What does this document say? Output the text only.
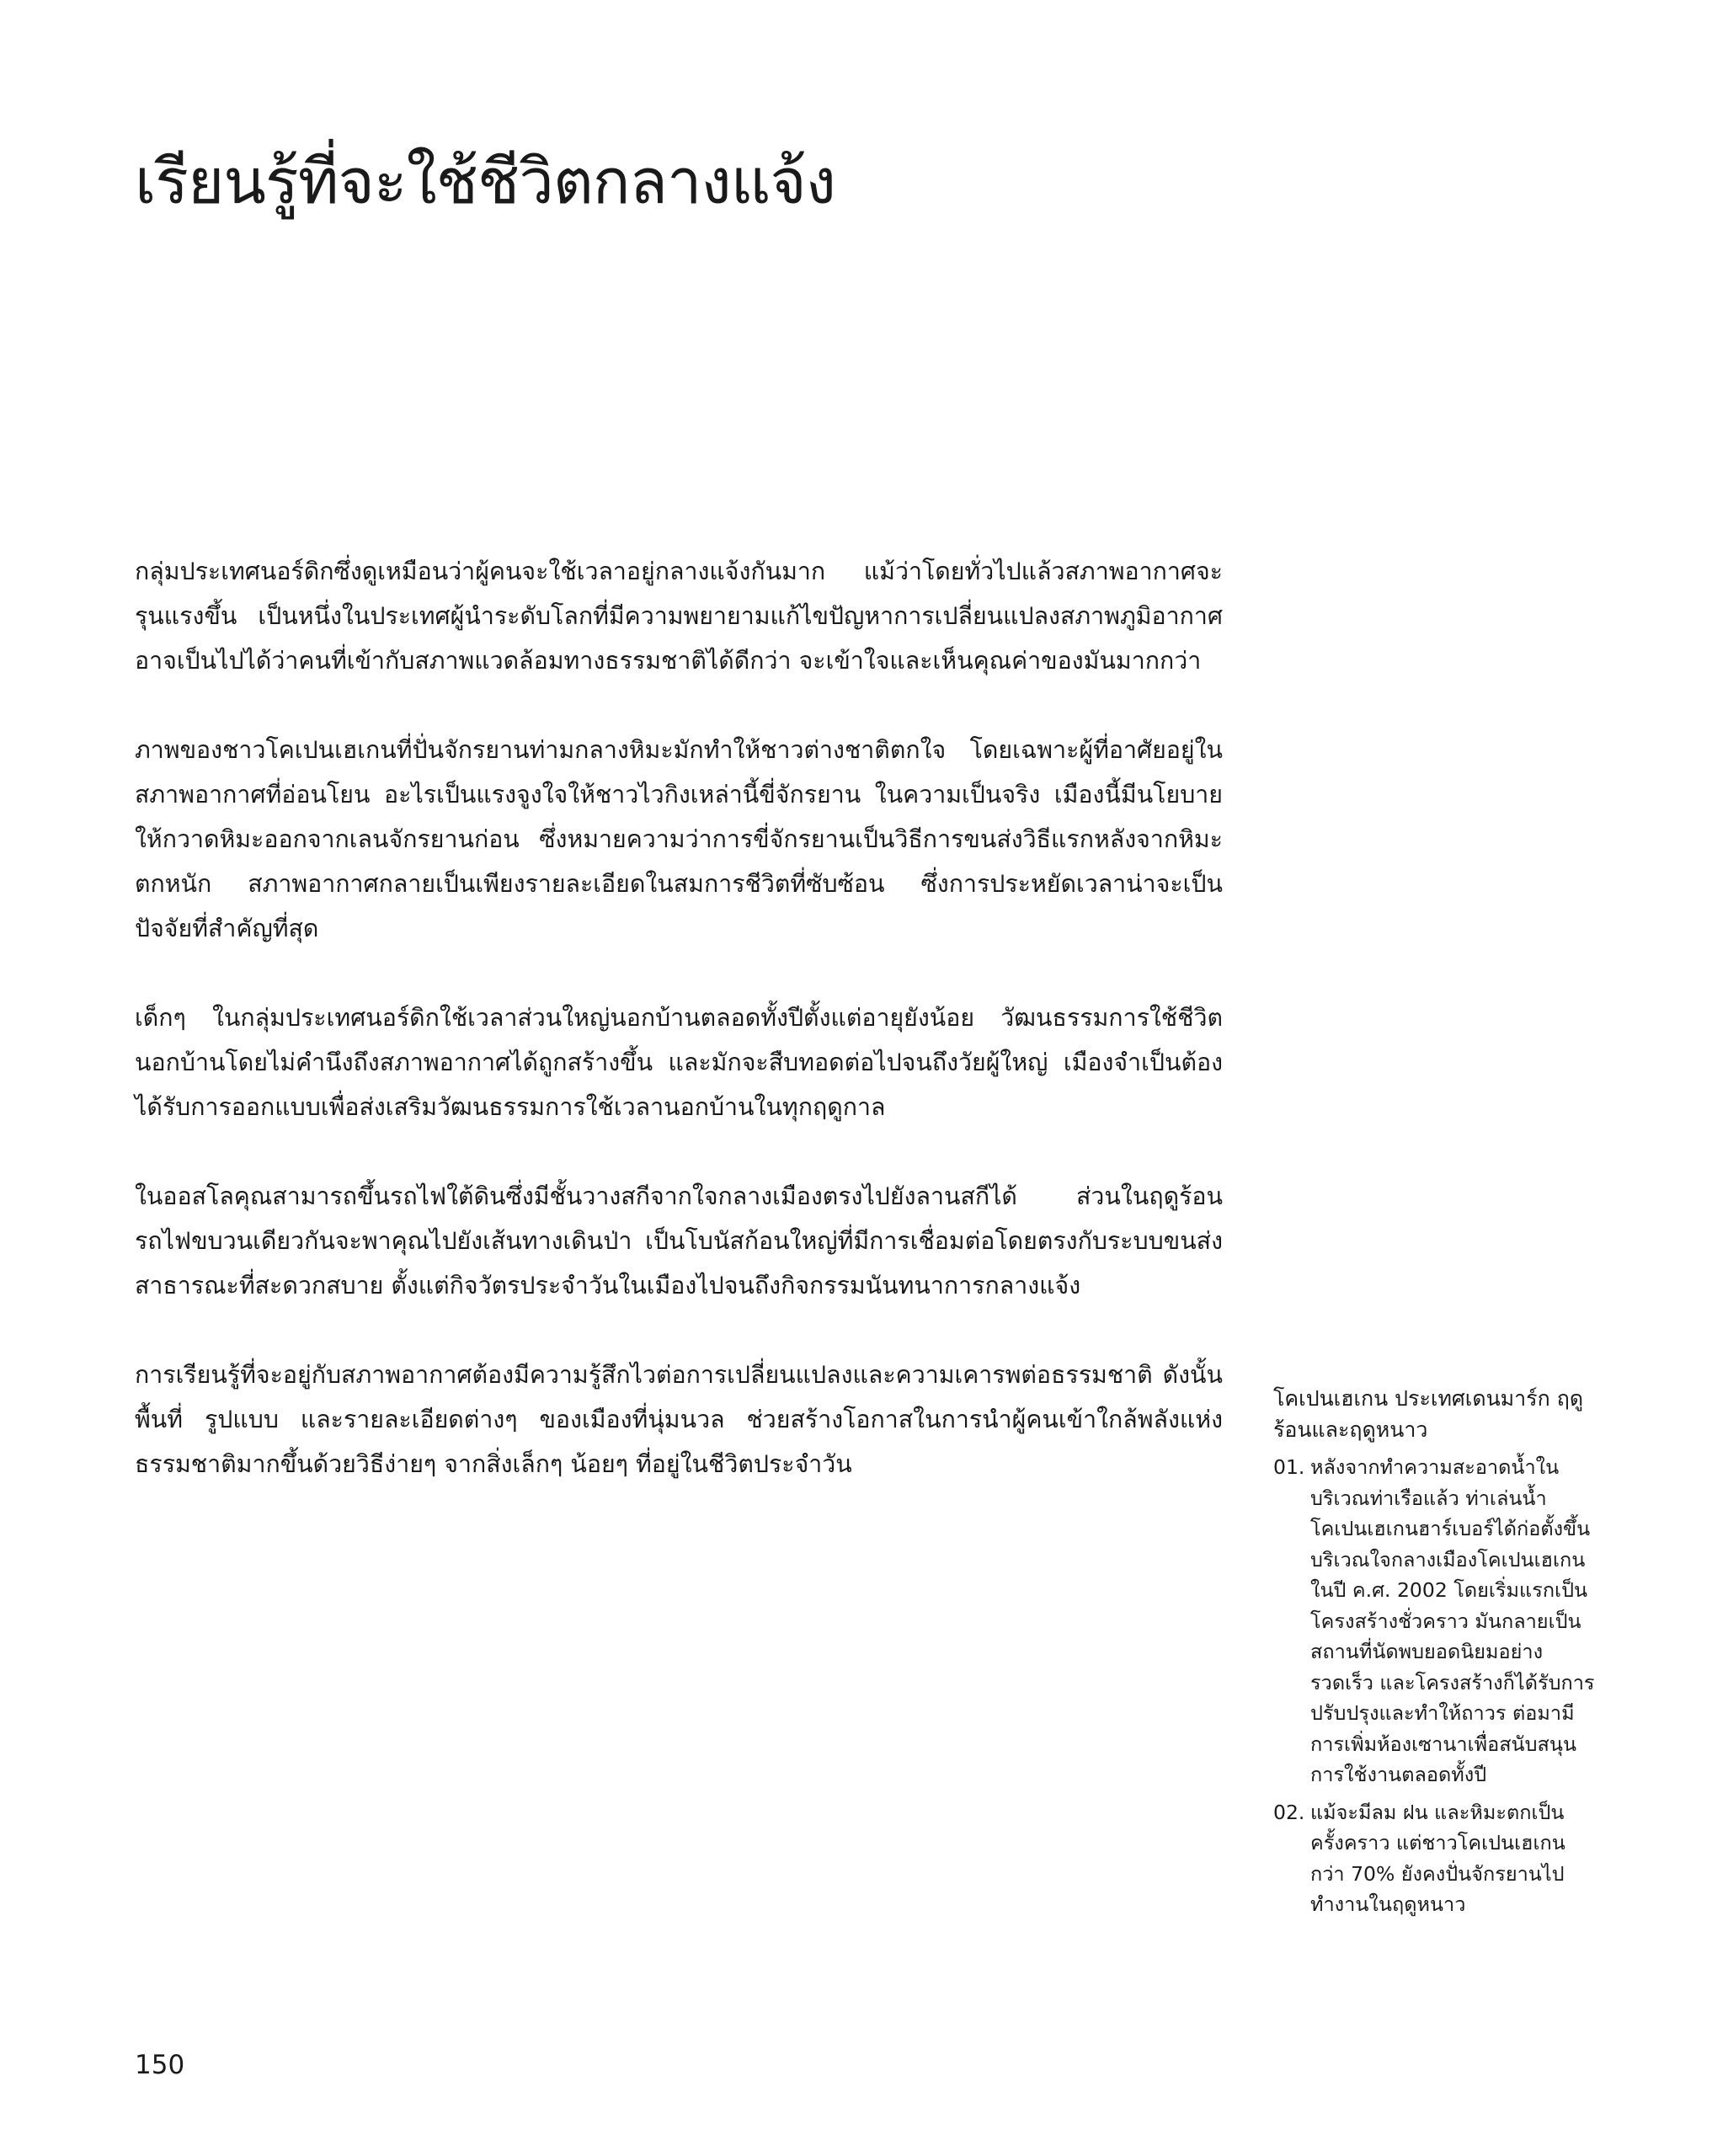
เรียนรู้ที่จะใช้ชีวิตกลางแจ้ง

กลุ่มประเทศนอร์ดิกซึ่งดูเหมือนว่าผู้คนจะใช้เวลาอยู่กลางแจ้งกันมาก แม้ว่าโดยทั่วไปแล้วสภาพอากาศจะรุนแรงขึ้น เป็นหนึ่งในประเทศผู้นำระดับโลกที่มีความพยายามแก้ไขปัญหาการเปลี่ยนแปลงสภาพภูมิอากาศ อาจเป็นไปได้ว่าคนที่เข้ากับสภาพแวดล้อมทางธรรมชาติได้ดีกว่า จะเข้าใจและเห็นคุณค่าของมันมากกว่า

ภาพของชาวโคเปนเฮเกนที่ปั่นจักรยานท่ามกลางหิมะมักทำให้ชาวต่างชาติตกใจ โดยเฉพาะผู้ที่อาศัยอยู่ในสภาพอากาศที่อ่อนโยน อะไรเป็นแรงจูงใจให้ชาวไวกิงเหล่านี้ขี่จักรยาน ในความเป็นจริง เมืองนี้มีนโยบายให้กวาดหิมะออกจากเลนจักรยานก่อน ซึ่งหมายความว่าการขี่จักรยานเป็นวิธีการขนส่งวิธีแรกหลังจากหิมะตกหนัก สภาพอากาศกลายเป็นเพียงรายละเอียดในสมการชีวิตที่ซับซ้อน ซึ่งการประหยัดเวลาน่าจะเป็นปัจจัยที่สำคัญที่สุด

เด็กๆ ในกลุ่มประเทศนอร์ดิกใช้เวลาส่วนใหญ่นอกบ้านตลอดทั้งปีตั้งแต่อายุยังน้อย วัฒนธรรมการใช้ชีวิตนอกบ้านโดยไม่คำนึงถึงสภาพอากาศได้ถูกสร้างขึ้น และมักจะสืบทอดต่อไปจนถึงวัยผู้ใหญ่ เมืองจำเป็นต้องได้รับการออกแบบเพื่อส่งเสริมวัฒนธรรมการใช้เวลานอกบ้านในทุกฤดูกาล

ในออสโลคุณสามารถขึ้นรถไฟใต้ดินซึ่งมีชั้นวางสกีจากใจกลางเมืองตรงไปยังลานสกีได้ ส่วนในฤดูร้อน รถไฟขบวนเดียวกันจะพาคุณไปยังเส้นทางเดินป่า เป็นโบนัสก้อนใหญ่ที่มีการเชื่อมต่อโดยตรงกับระบบขนส่งสาธารณะที่สะดวกสบาย ตั้งแต่กิจวัตรประจำวันในเมืองไปจนถึงกิจกรรมนันทนาการกลางแจ้ง

การเรียนรู้ที่จะอยู่กับสภาพอากาศต้องมีความรู้สึกไวต่อการเปลี่ยนแปลงและความเคารพต่อธรรมชาติ ดังนั้น พื้นที่ รูปแบบ และรายละเอียดต่างๆ ของเมืองที่นุ่มนวล ช่วยสร้างโอกาสในการนำผู้คนเข้าใกล้พลังแห่งธรรมชาติมากขึ้นด้วยวิธีง่ายๆ จากสิ่งเล็กๆ น้อยๆ ที่อยู่ในชีวิตประจำวัน

โคเปนเฮเกน ประเทศเดนมาร์ก ฤดูร้อนและฤดูหนาว
01. หลังจากทำความสะอาดน้ำในบริเวณท่าเรือแล้ว ท่าเล่นน้ำโคเปนเฮเกนฮาร์เบอร์ได้ก่อตั้งขึ้นบริเวณใจกลางเมืองโคเปนเฮเกนในปี ค.ศ. 2002 โดยเริ่มแรกเป็นโครงสร้างชั่วคราว มันกลายเป็นสถานที่นัดพบยอดนิยมอย่างรวดเร็ว และโครงสร้างก็ได้รับการปรับปรุงและทำให้ถาวร ต่อมามีการเพิ่มห้องเซานาเพื่อสนับสนุนการใช้งานตลอดทั้งปี
02. แม้จะมีลม ฝน และหิมะตกเป็นครั้งคราว แต่ชาวโคเปนเฮเกนกว่า 70% ยังคงปั่นจักรยานไปทำงานในฤดูหนาว
150
